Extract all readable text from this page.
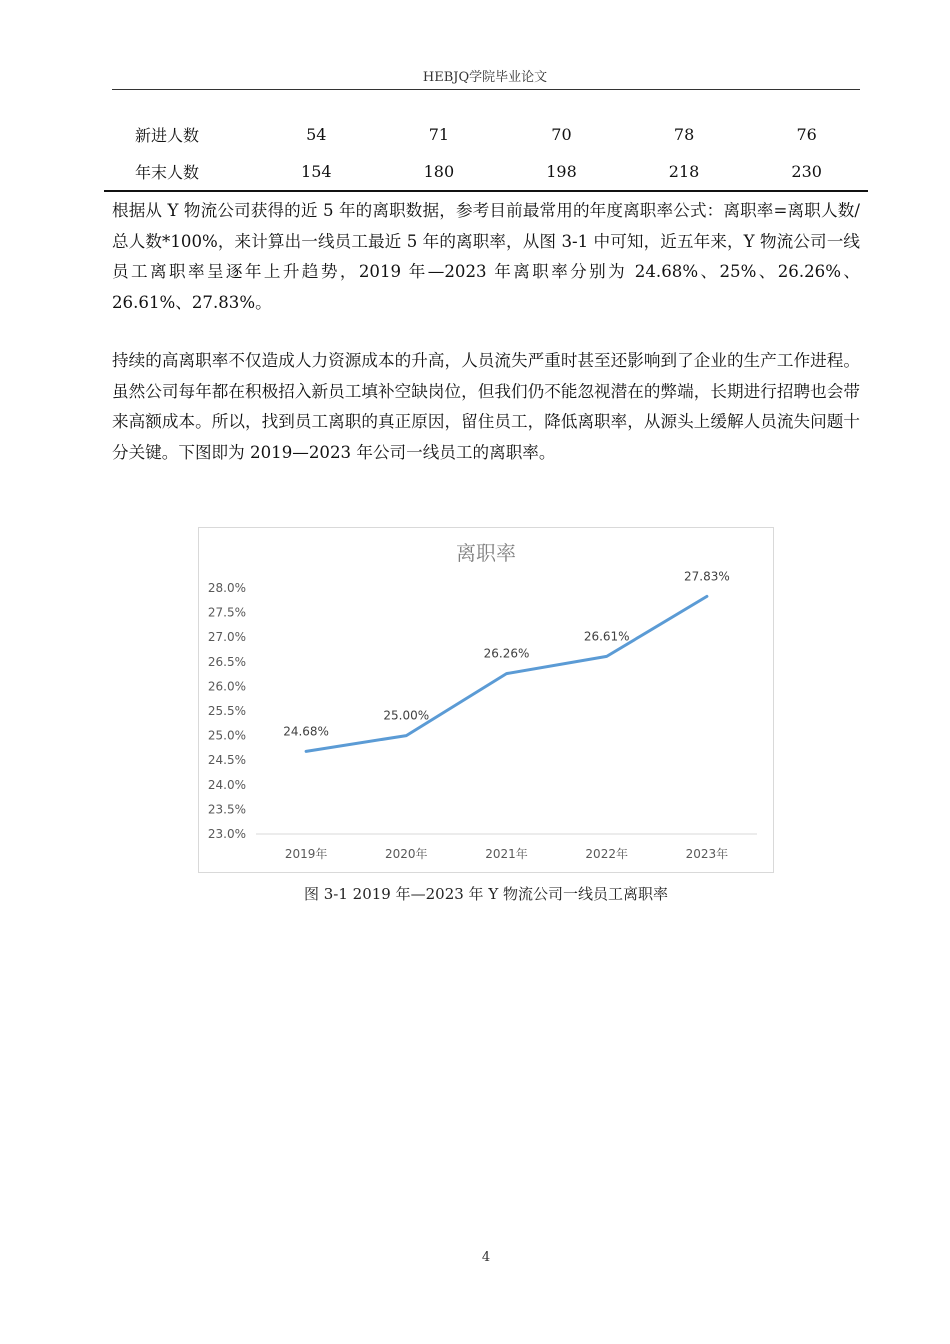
HEBJQ学院毕业论文
新进人数	54	71	70	78	76
年末人数	154	180	198	218	230

根据从 Y 物流公司获得的近 5 年的离职数据，参考目前最常用的年度离职率公式：离职率=离职人数/总人数*100%，来计算出一线员工最近 5 年的离职率，从图 3-1 中可知，近五年来，Y 物流公司一线员工离职率呈逐年上升趋势，2019 年—2023 年离职率分别为 24.68%、25%、26.26%、26.61%、27.83%。

持续的高离职率不仅造成人力资源成本的升高，人员流失严重时甚至还影响到了企业的生产工作进程。虽然公司每年都在积极招入新员工填补空缺岗位，但我们仍不能忽视潜在的弊端，长期进行招聘也会带来高额成本。所以，找到员工离职的真正原因，留住员工，降低离职率，从源头上缓解人员流失问题十分关键。下图即为 2019—2023 年公司一线员工的离职率。

离职率
23.0%
23.5%
24.0%
24.5%
25.0%
25.5%
26.0%
26.5%
27.0%
27.5%
28.0%
2019年	2020年	2021年	2022年	2023年
24.68%
25.00%
26.26%
26.61%
27.83%
图 3-1 2019 年—2023 年 Y 物流公司一线员工离职率
4
